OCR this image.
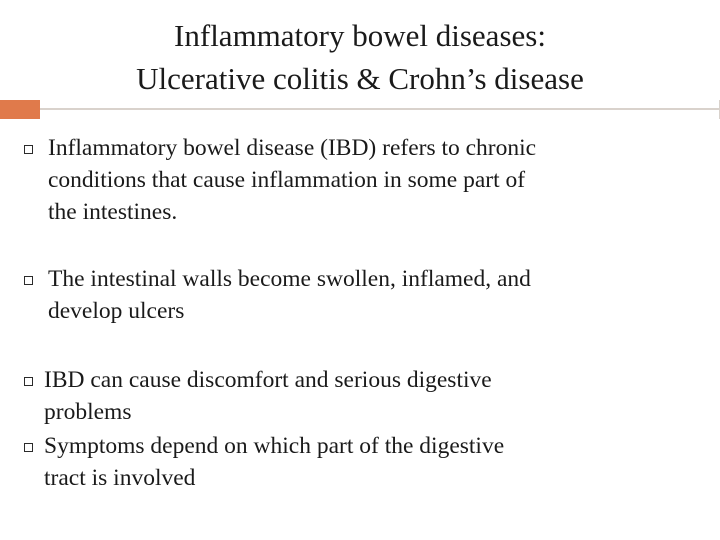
Inflammatory bowel diseases:
Ulcerative colitis & Crohn’s disease
Inflammatory bowel disease (IBD) refers to chronic
conditions that cause inflammation in some part of
the intestines.
The intestinal walls become swollen, inflamed, and
develop ulcers
IBD can cause discomfort and serious digestive
problems
Symptoms depend on which part of the digestive
tract is involved
